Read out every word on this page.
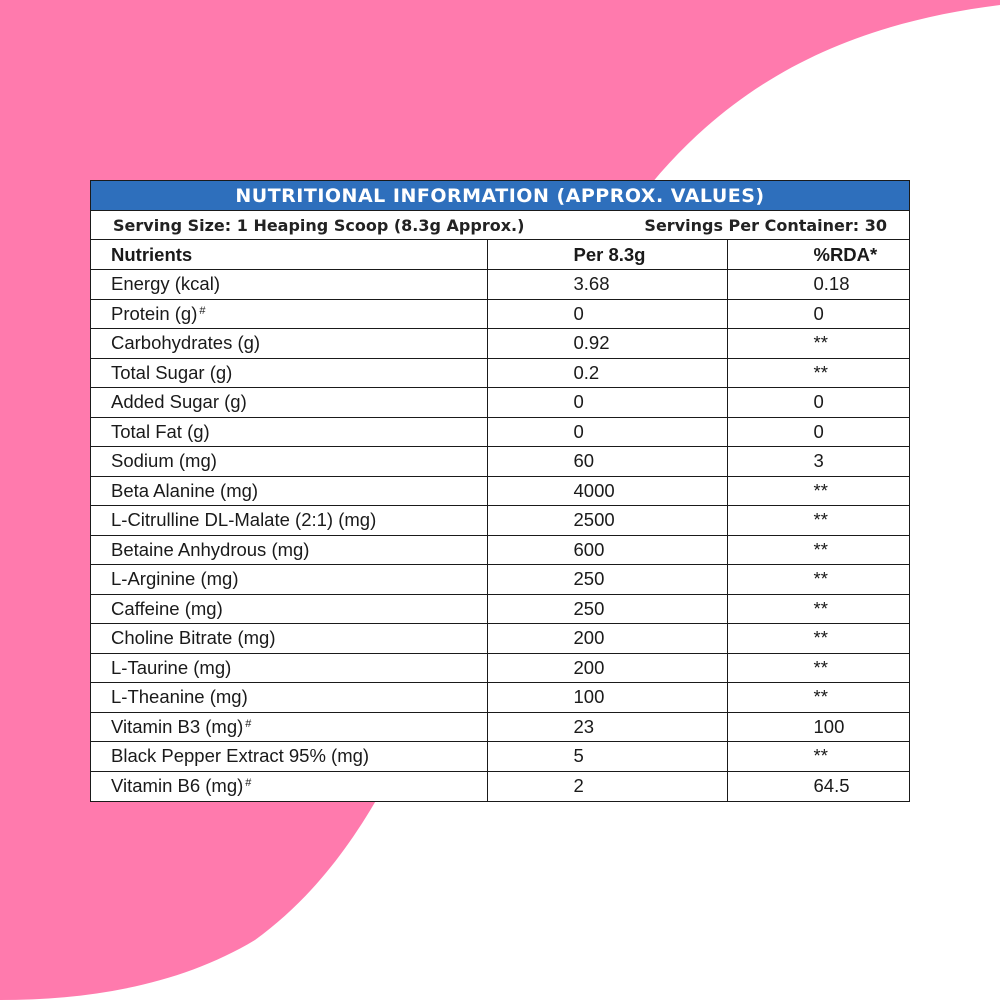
NUTRITIONAL INFORMATION (APPROX. VALUES)
Serving Size: 1 Heaping Scoop (8.3g Approx.)	Servings Per Container: 30
Nutrients	Per 8.3g	%RDA*
Energy (kcal)	3.68	0.18
Protein (g) #	0	0
Carbohydrates (g)	0.92	**
Total Sugar (g)	0.2	**
Added Sugar (g)	0	0
Total Fat (g)	0	0
Sodium (mg)	60	3
Beta Alanine (mg)	4000	**
L-Citrulline DL-Malate (2:1) (mg)	2500	**
Betaine Anhydrous (mg)	600	**
L-Arginine (mg)	250	**
Caffeine (mg)	250	**
Choline Bitrate (mg)	200	**
L-Taurine (mg)	200	**
L-Theanine (mg)	100	**
Vitamin B3 (mg) #	23	100
Black Pepper Extract 95% (mg)	5	**
Vitamin B6 (mg) #	2	64.5
